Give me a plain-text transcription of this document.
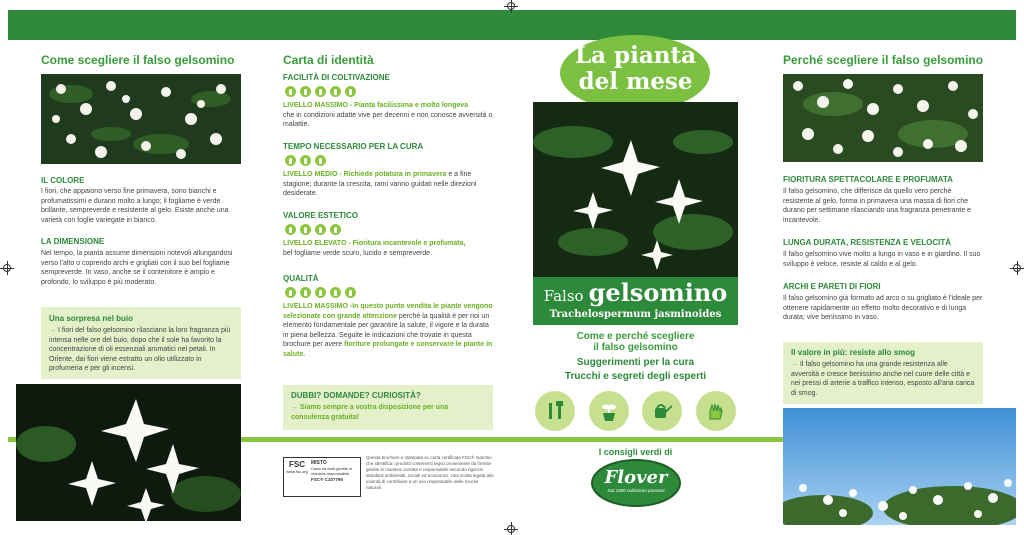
Come scegliere il falso gelsomino
IL COLORE
I fiori, che appaiono verso fine primavera, sono bianchi e profumatissimi e durano molto a lungo; il fogliame è verde brillante, sempreverde e resistente al gelo. Esiste anche una varietà con foglie variegate in bianco.
LA DIMENSIONE
Nel tempo, la pianta assume dimensioni notevoli allungandosi verso l'alto o coprendo archi e grigliati con il suo bel fogliame sempreverde. In vaso, anche se il contenitore è ampio e profondo, lo sviluppo è più moderato.
Una sorpresa nel buio
→ I fiori del falso gelsomino rilasciano la loro fragranza più intensa nelle ore del buio, dopo che il sole ha favorito la concentrazione di oli essenziali aromatici nei petali. In Oriente, dai fiori viene estratto un olio utilizzato in profumeria e per gli incensi.
Carta di identità
FACILITÀ DI COLTIVAZIONE
LIVELLO MASSIMO - Pianta facilissima e molto longeva
che in condizioni adatte vive per decenni e non conosce avversità o malattie.
TEMPO NECESSARIO PER LA CURA
LIVELLO MEDIO - Richiede potatura in primavera e a fine stagione; durante la crescita, rami vanno guidati nelle direzioni desiderate.
VALORE ESTETICO
LIVELLO ELEVATO - Fioritura incantevole e profumata,
bel fogliame verde scuro, lucido e sempreverde.
QUALITÀ
LIVELLO MASSIMO -In questo punto vendita le piante vengono selezionate con grande attenzione perché la qualità è per noi un elemento fondamentale per garantire la salute, il vigore e la durata in piena bellezza. Seguite le indicazioni che trovate in questa brochure per avere fioriture prolungate e conservare le piante in salute.
DUBBI? DOMANDE? CURIOSITÀ?
→ Siamo sempre a vostra disposizione per una consulenza gratuita!
FSC
www.fsc.org
MISTO
Carta da fonti gestite in maniera responsabile
FSC® C107795
Questa brochure è stampata su carta certificata FSC® marchio che identifica i prodotti contenenti legno proveniente da foreste gestite in maniera corretta e responsabile secondo rigorosi standard ambientali, sociali ed economici. Una scelta legata alla volontà di contribuire a un uso responsabile delle risorse naturali.
La pianta
del mese
Falso gelsomino
Trachelospermum jasminoides
Come e perché scegliere
il falso gelsomino
Suggerimenti per la cura
Trucchi e segreti degli esperti
I consigli verdi di
Flover
Dal 1980 coltiviamo passioni
Perché scegliere il falso gelsomino
FIORITURA SPETTACOLARE E PROFUMATA
Il falso gelsomino, che differisce da quello vero perché resistente al gelo, forma in primavera una massa di fiori che durano per settimane rilasciando una fragranza penetrante e incantevole.
LUNGA DURATA, RESISTENZA E VELOCITÀ
Il falso gelsomino vive molto a lungo in vaso e in giardino. Il suo sviluppo è veloce, resiste al caldo e al gelo.
ARCHI E PARETI DI FIORI
Il falso gelsomino già formato ad arco o su grigliato è l'ideale per ottenere rapidamente un effetto molto decorativo e di lunga durata; vive benissimo in vaso.
Il valore in più: resiste allo smog
→ Il falso gelsomino ha una grande resistenza alle avversità e cresce benissimo anche nel cuore delle città e nei pressi di arterie a traffico intenso, esposto all'aria carica di smog.
